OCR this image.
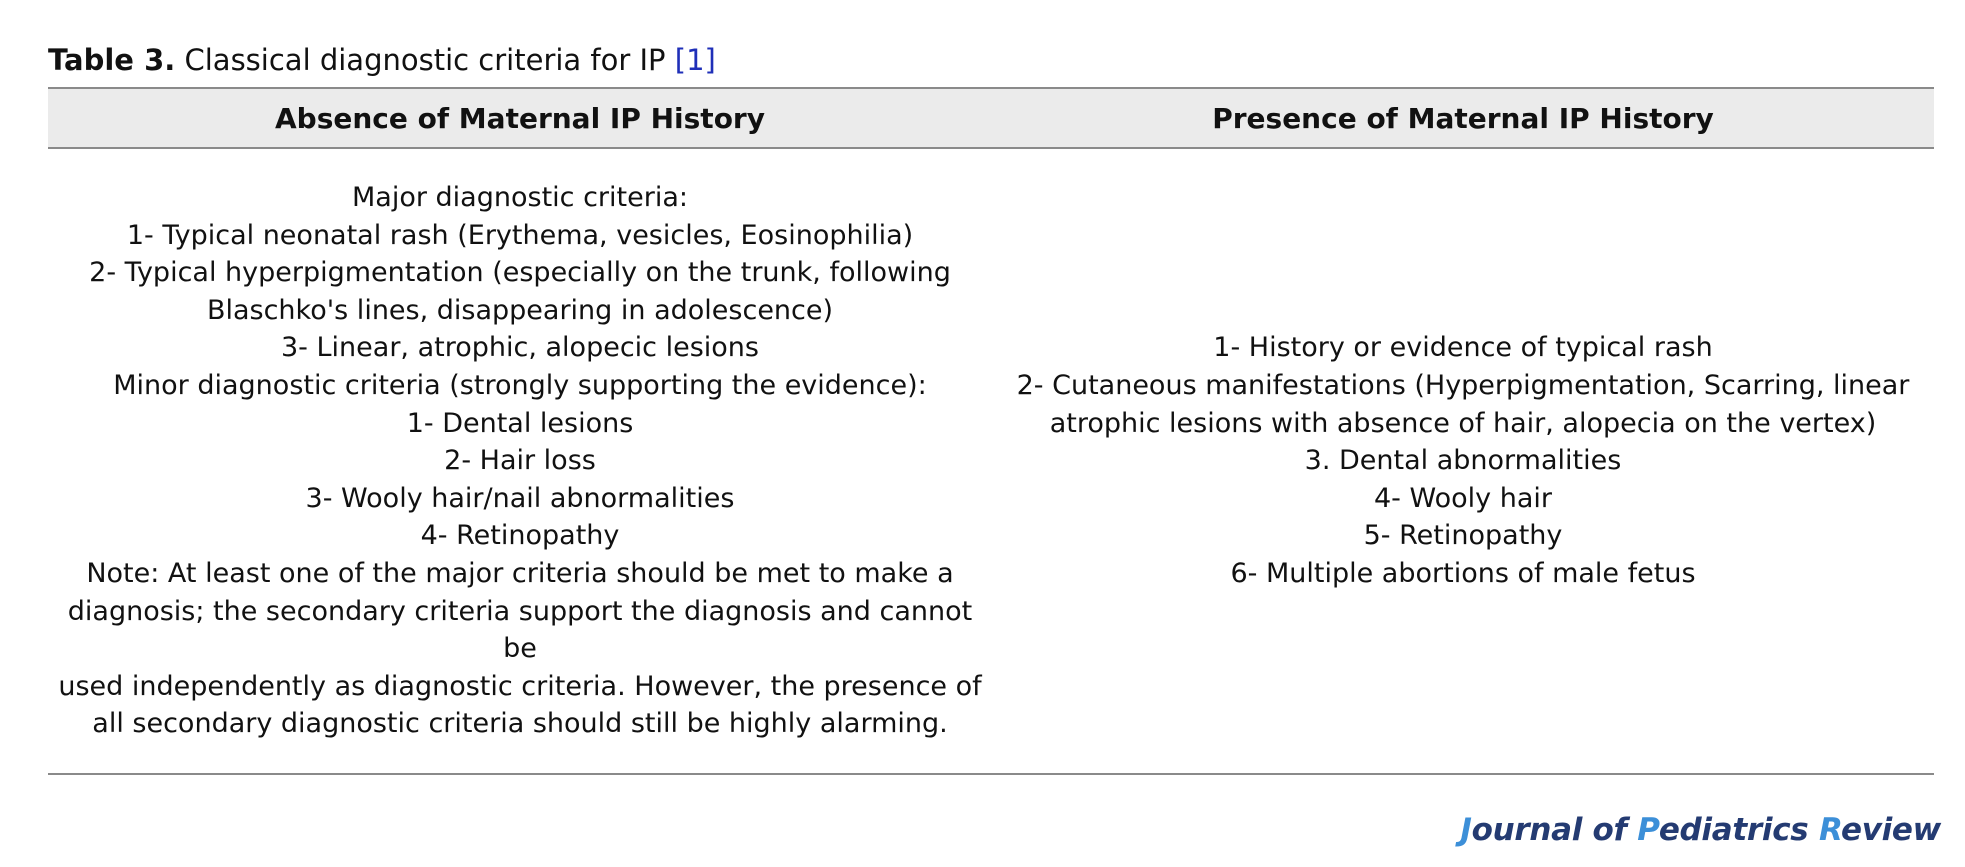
Table 3. Classical diagnostic criteria for IP [1]
Absence of Maternal IP History	Presence of Maternal IP History
Major diagnostic criteria:
1- Typical neonatal rash (Erythema, vesicles, Eosinophilia)
2- Typical hyperpigmentation (especially on the trunk, following
Blaschko's lines, disappearing in adolescence)
3- Linear, atrophic, alopecic lesions
Minor diagnostic criteria (strongly supporting the evidence):
1- Dental lesions
2- Hair loss
3- Wooly hair/nail abnormalities
4- Retinopathy
Note: At least one of the major criteria should be met to make a
diagnosis; the secondary criteria support the diagnosis and cannot be
used independently as diagnostic criteria. However, the presence of
all secondary diagnostic criteria should still be highly alarming.
1- History or evidence of typical rash
2- Cutaneous manifestations (Hyperpigmentation, Scarring, linear
atrophic lesions with absence of hair, alopecia on the vertex)
3. Dental abnormalities
4- Wooly hair
5- Retinopathy
6- Multiple abortions of male fetus
Journal of Pediatrics Review
